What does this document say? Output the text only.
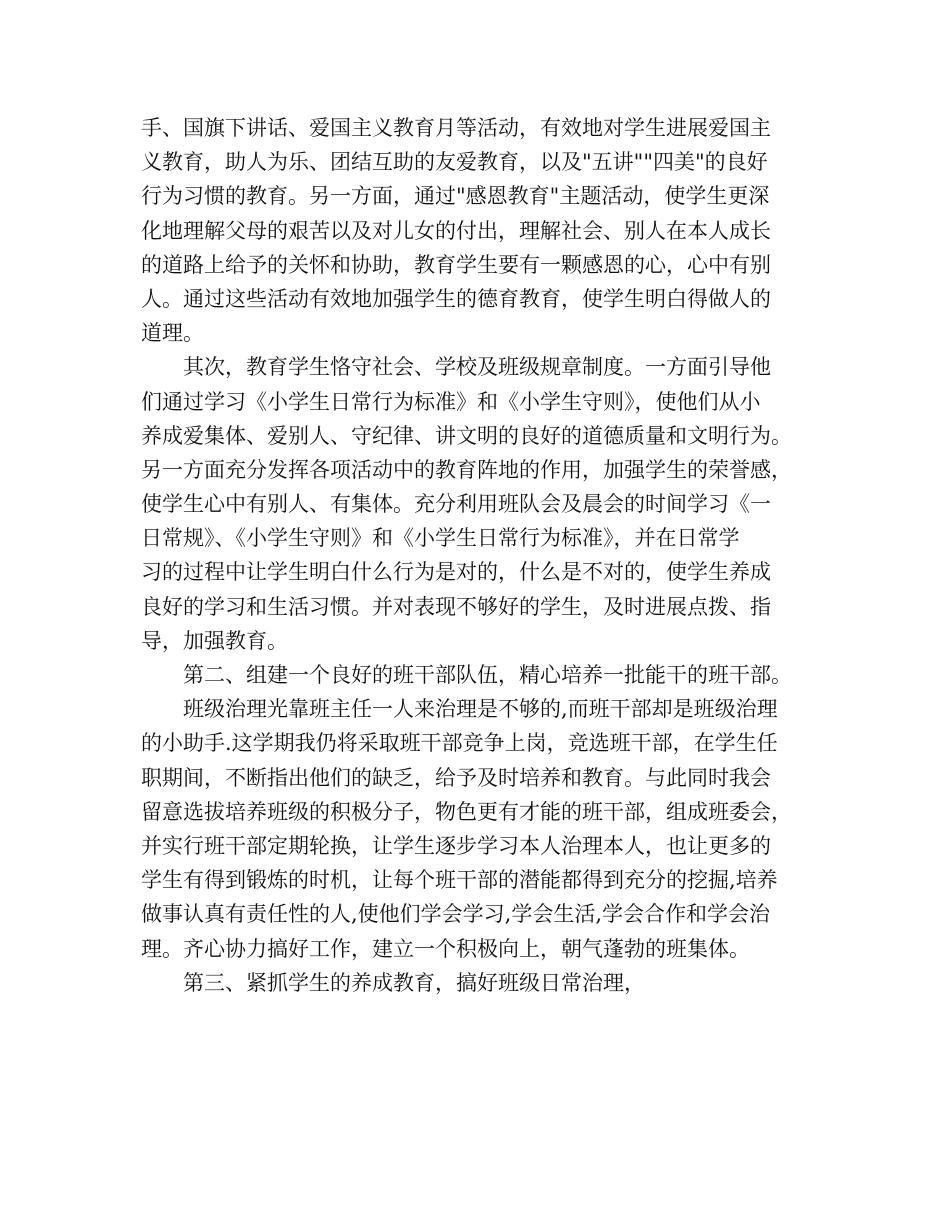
手、国旗下讲话、爱国主义教育月等活动，有效地对学生进展爱国主
义教育，助人为乐、团结互助的友爱教育，以及"五讲""四美"的良好
行为习惯的教育。另一方面，通过"感恩教育"主题活动，使学生更深
化地理解父母的艰苦以及对儿女的付出，理解社会、别人在本人成长
的道路上给予的关怀和协助，教育学生要有一颗感恩的心，心中有别
人。通过这些活动有效地加强学生的德育教育，使学生明白得做人的
道理。
其次，教育学生恪守社会、学校及班级规章制度。一方面引导他
们通过学习《小学生日常行为标准》和《小学生守则》，使他们从小
养成爱集体、爱别人、守纪律、讲文明的良好的道德质量和文明行为。
另一方面充分发挥各项活动中的教育阵地的作用，加强学生的荣誉感，
使学生心中有别人、有集体。充分利用班队会及晨会的时间学习《一
日常规》、《小学生守则》和《小学生日常行为标准》，并在日常学
习的过程中让学生明白什么行为是对的，什么是不对的，使学生养成
良好的学习和生活习惯。并对表现不够好的学生，及时进展点拨、指
导，加强教育。
第二、组建一个良好的班干部队伍，精心培养一批能干的班干部。
班级治理光靠班主任一人来治理是不够的,而班干部却是班级治理
的小助手.这学期我仍将采取班干部竞争上岗，竞选班干部，在学生任
职期间，不断指出他们的缺乏，给予及时培养和教育。与此同时我会
留意选拔培养班级的积极分子，物色更有才能的班干部，组成班委会，
并实行班干部定期轮换，让学生逐步学习本人治理本人，也让更多的
学生有得到锻炼的时机，让每个班干部的潜能都得到充分的挖掘,培养
做事认真有责任性的人,使他们学会学习,学会生活,学会合作和学会治
理。齐心协力搞好工作，建立一个积极向上，朝气蓬勃的班集体。
第三、紧抓学生的养成教育，搞好班级日常治理，
